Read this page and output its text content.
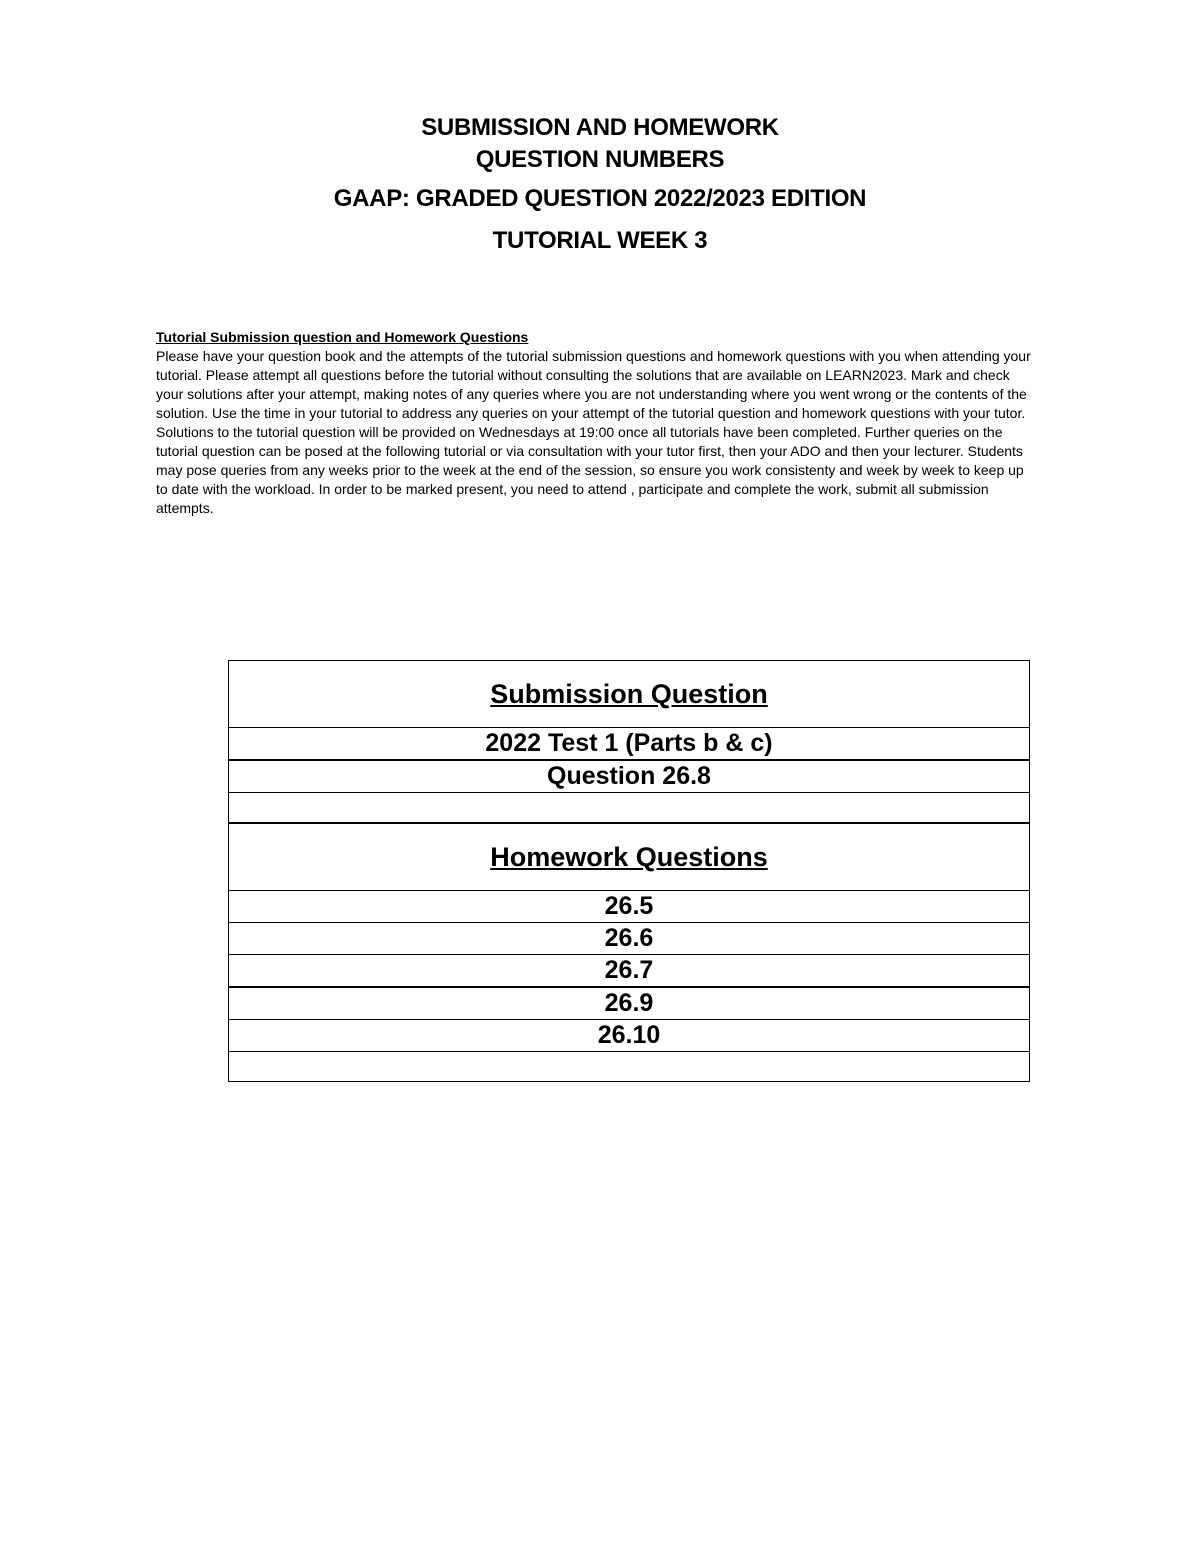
SUBMISSION AND HOMEWORK
QUESTION NUMBERS
GAAP: GRADED QUESTION 2022/2023 EDITION
TUTORIAL WEEK 3
Tutorial Submission question and Homework Questions
Please have your question book and the attempts of the tutorial submission questions and homework questions with you when attending your tutorial. Please attempt all questions before the tutorial without consulting the solutions that are available on LEARN2023. Mark and check your solutions after your attempt, making notes of any queries where you are not understanding where you went wrong or the contents of the solution. Use the time in your tutorial to address any queries on your attempt of the tutorial question and homework questions with your tutor. Solutions to the tutorial question will be provided on Wednesdays at 19:00 once all tutorials have been completed. Further queries on the tutorial question can be posed at the following tutorial or via consultation with your tutor first, then your ADO and then your lecturer. Students may pose queries from any weeks prior to the week at the end of the session, so ensure you work consistenty and week by week to keep up to date with the workload. In order to be marked present, you need to attend , participate and complete the work, submit all submission attempts.
Submission Question
2022 Test 1 (Parts b & c)
Question 26.8

Homework Questions
26.5
26.6
26.7
26.9
26.10
